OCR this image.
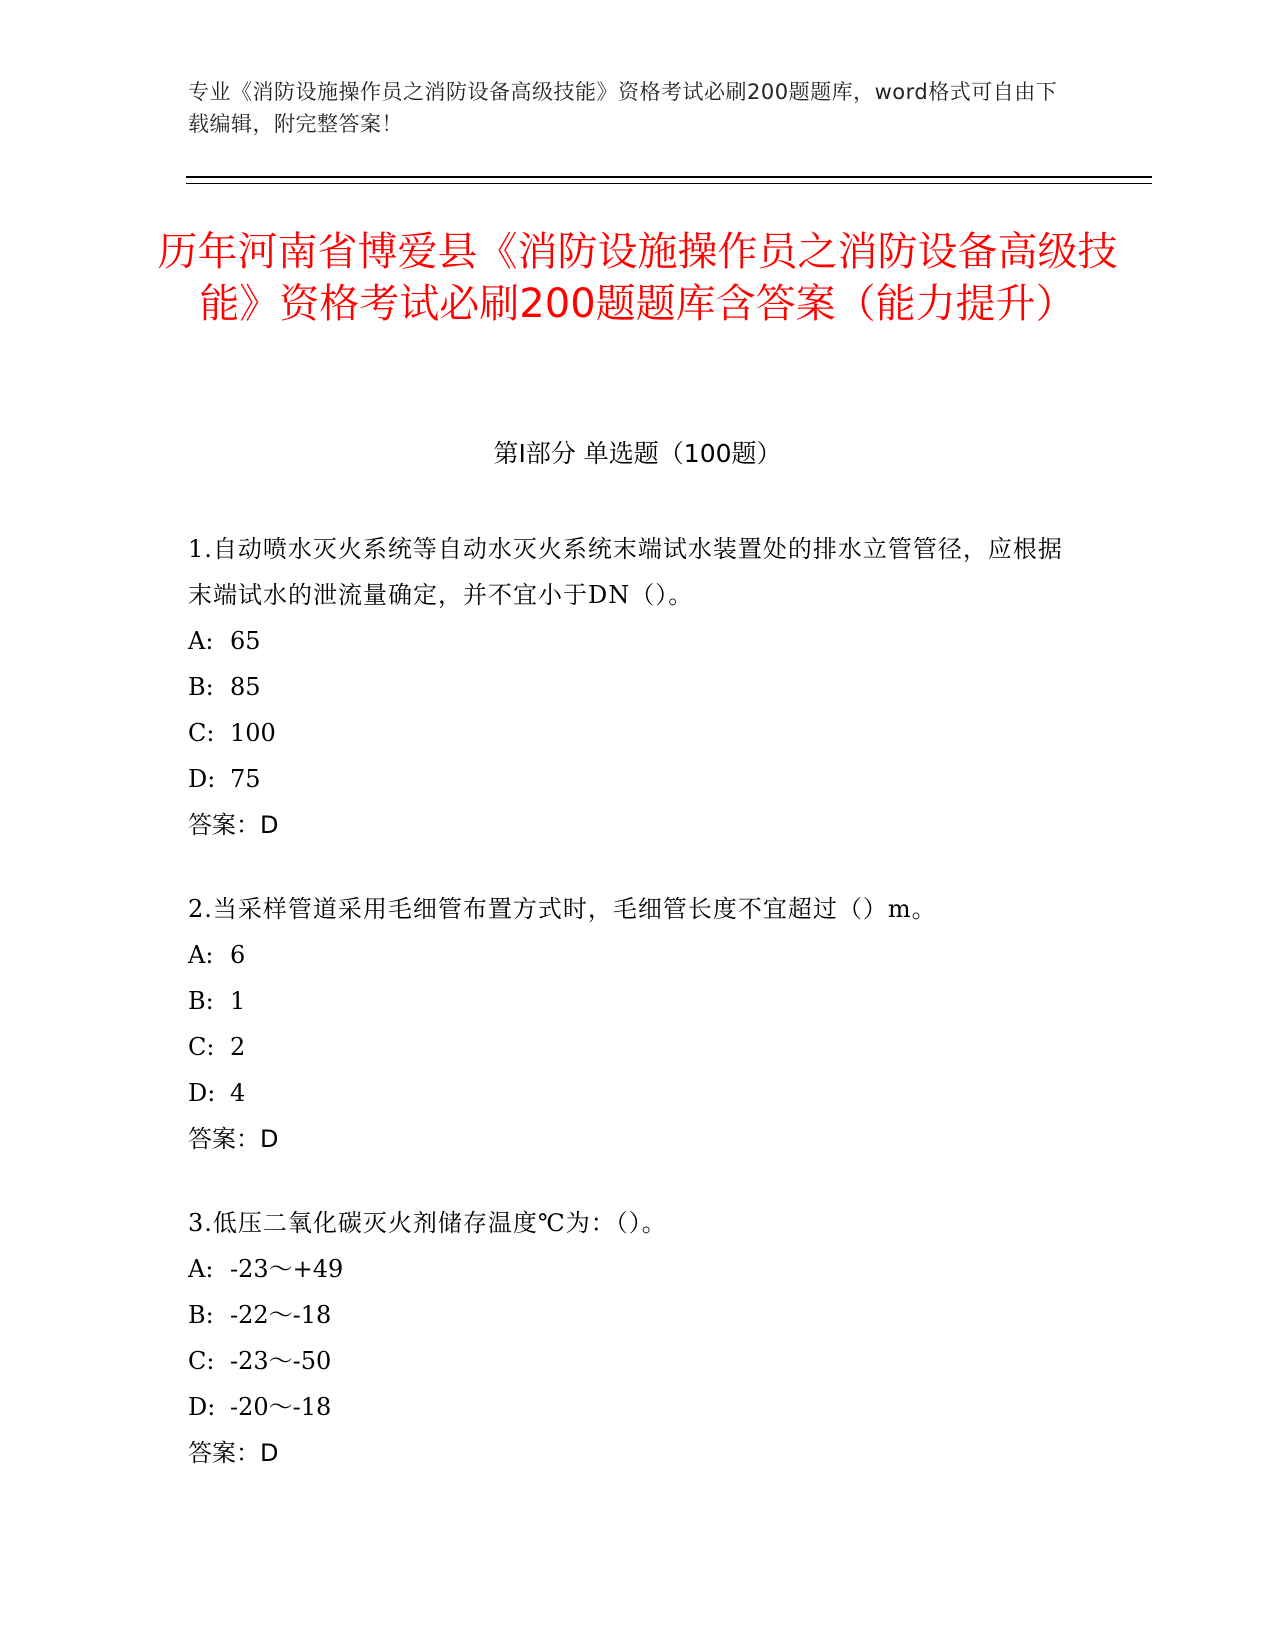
专业《消防设施操作员之消防设备高级技能》资格考试必刷200题题库，word格式可自由下载编辑，附完整答案！
历年河南省博爱县《消防设施操作员之消防设备高级技能》资格考试必刷200题题库含答案（能力提升）
第Ⅰ部分 单选题（100题）
1.自动喷水灭火系统等自动水灭火系统末端试水装置处的排水立管管径，应根据末端试水的泄流量确定，并不宜小于DN（）。
A: 65
B: 85
C: 100
D: 75
答案：D
2.当采样管道采用毛细管布置方式时，毛细管长度不宜超过（）m。
A: 6
B: 1
C: 2
D: 4
答案：D
3.低压二氧化碳灭火剂储存温度℃为：（）。
A: -23～+49
B: -22～-18
C: -23～-50
D: -20～-18
答案：D
